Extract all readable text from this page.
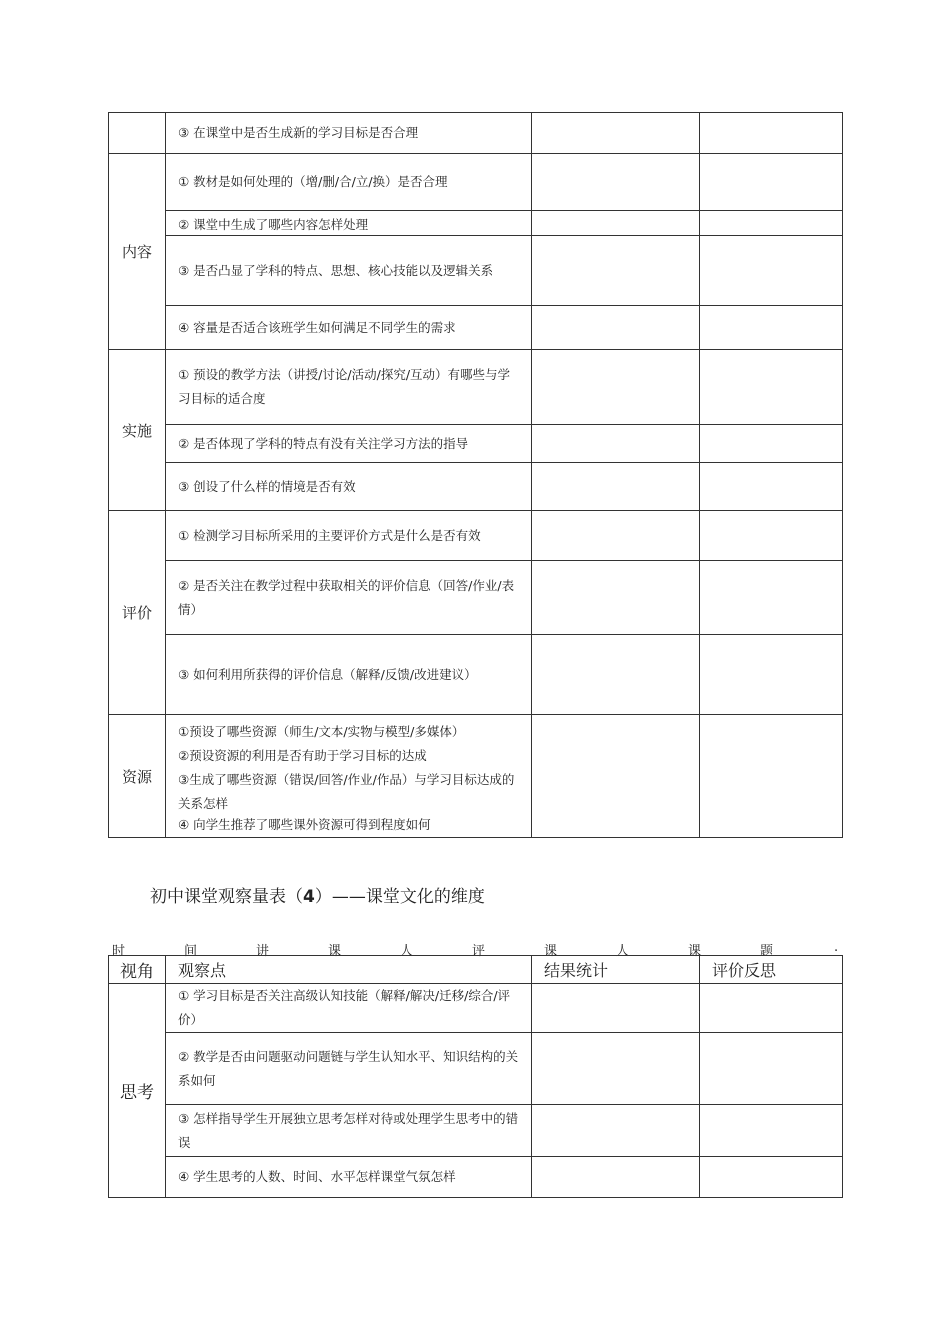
	③ 在课堂中是否生成新的学习目标是否合理		
内容	① 教材是如何处理的（增/删/合/立/换）是否合理		
	② 课堂中生成了哪些内容怎样处理		
	③ 是否凸显了学科的特点、思想、核心技能以及逻辑关系		
	④ 容量是否适合该班学生如何满足不同学生的需求		
实施	① 预设的教学方法（讲授/讨论/活动/探究/互动）有哪些与学习目标的适合度		
	② 是否体现了学科的特点有没有关注学习方法的指导		
	③ 创设了什么样的情境是否有效		
评价	① 检测学习目标所采用的主要评价方式是什么是否有效		
	② 是否关注在教学过程中获取相关的评价信息（回答/作业/表情）		
	③ 如何利用所获得的评价信息（解释/反馈/改进建议）		
资源	①预设了哪些资源（师生/文本/实物与模型/多媒体）
②预设资源的利用是否有助于学习目标的达成
③生成了哪些资源（错误/回答/作业/作品）与学习目标达成的关系怎样
④ 向学生推荐了哪些课外资源可得到程度如何		

初中课堂观察量表（4）——课堂文化的维度
时	间	讲	课	人	评	课	人	课	题	.
视角	观察点	结果统计	评价反思
思考	① 学习目标是否关注高级认知技能（解释/解决/迁移/综合/评价）		
	② 教学是否由问题驱动问题链与学生认知水平、知识结构的关系如何		
	③ 怎样指导学生开展独立思考怎样对待或处理学生思考中的错误		
	④ 学生思考的人数、时间、水平怎样课堂气氛怎样		
